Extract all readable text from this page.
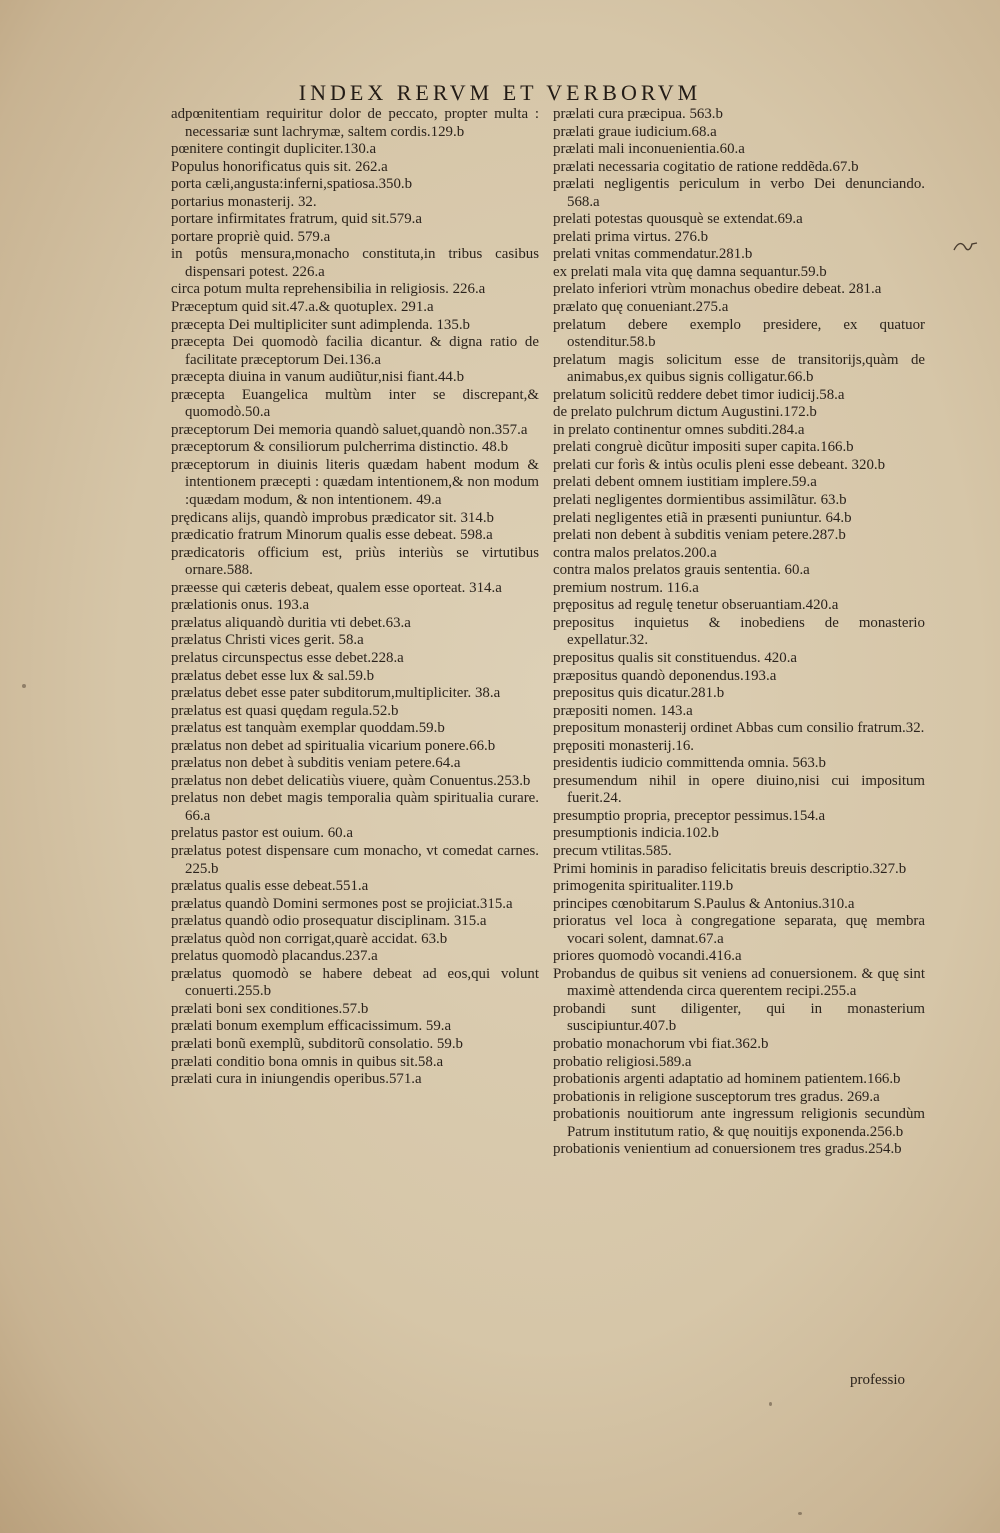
INDEX RERVM ET VERBORVM
adpœnitentiam requiritur dolor de peccato, propter multa : necessariæ sunt lachrymæ, saltem cordis.129.b
pœnitere contingit dupliciter.130.a
Populus honorificatus quis sit. 262.a
porta cæli,angusta:inferni,spatiosa.350.b
portarius monasterij. 32.
portare infirmitates fratrum, quid sit.579.a
portare propriè quid. 579.a
in potûs mensura,monacho constituta,in tribus casibus dispensari potest. 226.a
circa potum multa reprehensibilia in religiosis. 226.a
Præceptum quid sit.47.a.& quotuplex. 291.a
præcepta Dei multipliciter sunt adimplenda. 135.b
præcepta Dei quomodò facilia dicantur. & digna ratio de facilitate præceptorum Dei.136.a
præcepta diuina in vanum audiũtur,nisi fiant.44.b
præcepta Euangelica multùm inter se discrepant,& quomodò.50.a
præceptorum Dei memoria quandò saluet,quandò non.357.a
præceptorum & consiliorum pulcherrima distinctio. 48.b
præceptorum in diuinis literis quædam habent modum & intentionem præcepti : quædam intentionem,& non modum :quædam modum, & non intentionem. 49.a
prędicans alijs, quandò improbus prædicator sit. 314.b
prædicatio fratrum Minorum qualis esse debeat. 598.a
prædicatoris officium est, priùs interiùs se virtutibus ornare.588.
præesse qui cæteris debeat, qualem esse oporteat. 314.a
prælationis onus. 193.a
prælatus aliquandò duritia vti debet.63.a
prælatus Christi vices gerit. 58.a
prelatus circunspectus esse debet.228.a
prælatus debet esse lux & sal.59.b
prælatus debet esse pater subditorum,multipliciter. 38.a
prælatus est quasi quędam regula.52.b
prælatus est tanquàm exemplar quoddam.59.b
prælatus non debet ad spiritualia vicarium ponere.66.b
prælatus non debet à subditis veniam petere.64.a
prælatus non debet delicatiùs viuere, quàm Conuentus.253.b
prelatus non debet magis temporalia quàm spiritualia curare. 66.a
prelatus pastor est ouium. 60.a
prælatus potest dispensare cum monacho, vt comedat carnes. 225.b
prælatus qualis esse debeat.551.a
prælatus quandò Domini sermones post se projiciat.315.a
prælatus quandò odio prosequatur disciplinam. 315.a
prælatus quòd non corrigat,quarè accidat. 63.b
prelatus quomodò placandus.237.a
prælatus quomodò se habere debeat ad eos,qui volunt conuerti.255.b
prælati boni sex conditiones.57.b
prælati bonum exemplum efficacissimum. 59.a
prælati bonũ exemplũ, subditorũ consolatio. 59.b
prælati conditio bona omnis in quibus sit.58.a
prælati cura in iniungendis operibus.571.a
prælati cura præcipua. 563.b
prælati graue iudicium.68.a
prælati mali inconuenientia.60.a
prælati necessaria cogitatio de ratione reddẽda.67.b
prælati negligentis periculum in verbo Dei denunciando. 568.a
prelati potestas quousquè se extendat.69.a
prelati prima virtus. 276.b
prelati vnitas commendatur.281.b
ex prelati mala vita quę damna sequantur.59.b
prelato inferiori vtrùm monachus obedire debeat. 281.a
prælato quę conueniant.275.a
prelatum debere exemplo presidere, ex quatuor ostenditur.58.b
prelatum magis solicitum esse de transitorijs,quàm de animabus,ex quibus signis colligatur.66.b
prelatum solicitũ reddere debet timor iudicij.58.a
de prelato pulchrum dictum Augustini.172.b
in prelato continentur omnes subditi.284.a
prelati congruè dicũtur impositi super capita.166.b
prelati cur forìs & intùs oculis pleni esse debeant. 320.b
prelati debent omnem iustitiam implere.59.a
prelati negligentes dormientibus assimilãtur. 63.b
prelati negligentes etiã in præsenti puniuntur. 64.b
prelati non debent à subditis veniam petere.287.b
contra malos prelatos.200.a
contra malos prelatos grauis sententia. 60.a
premium nostrum. 116.a
prępositus ad regulę tenetur obseruantiam.420.a
prepositus inquietus & inobediens de monasterio expellatur.32.
prepositus qualis sit constituendus. 420.a
præpositus quandò deponendus.193.a
prepositus quis dicatur.281.b
præpositi nomen. 143.a
prepositum monasterij ordinet Abbas cum consilio fratrum.32.
prępositi monasterij.16.
presidentis iudicio committenda omnia. 563.b
presumendum nihil in opere diuino,nisi cui impositum fuerit.24.
presumptio propria, preceptor pessimus.154.a
presumptionis indicia.102.b
precum vtilitas.585.
Primi hominis in paradiso felicitatis breuis descriptio.327.b
primogenita spiritualiter.119.b
principes cœnobitarum S.Paulus & Antonius.310.a
prioratus vel loca à congregatione separata, quę membra vocari solent, damnat.67.a
priores quomodò vocandi.416.a
Probandus de quibus sit veniens ad conuersionem. & quę sint maximè attendenda circa querentem recipi.255.a
probandi sunt diligenter, qui in monasterium suscipiuntur.407.b
probatio monachorum vbi fiat.362.b
probatio religiosi.589.a
probationis argenti adaptatio ad hominem patientem.166.b
probationis in religione susceptorum tres gradus. 269.a
probationis nouitiorum ante ingressum religionis secundùm Patrum institutum ratio, & quę nouitijs exponenda.256.b
probationis venientium ad conuersionem tres gradus.254.b
professio
